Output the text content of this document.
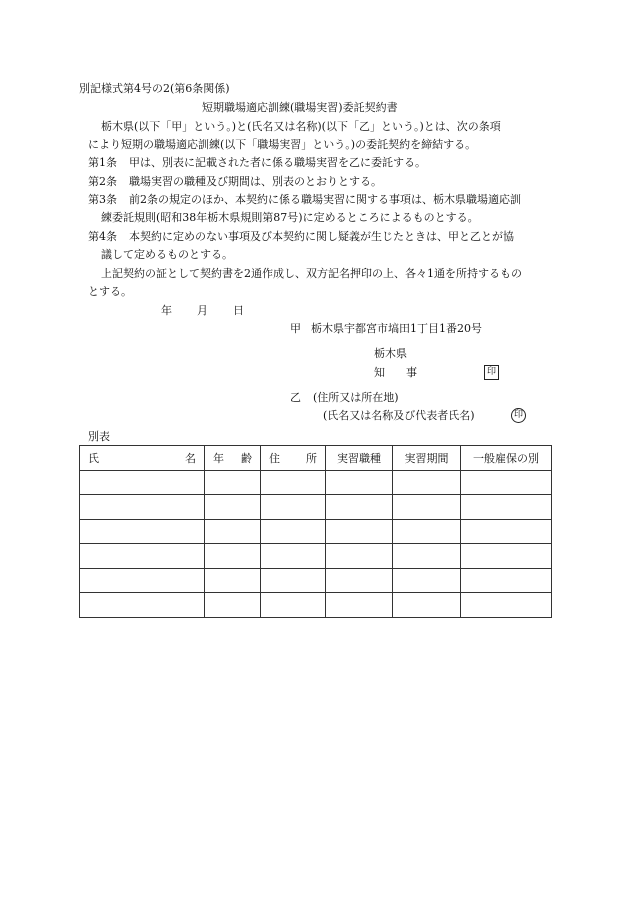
別記様式第4号の2(第6条関係)
短期職場適応訓練(職場実習)委託契約書
栃木県(以下「甲」という。)と(氏名又は名称)(以下「乙」という。)とは、次の条項
により短期の職場適応訓練(以下「職場実習」という。)の委託契約を締結する。
第1条 甲は、別表に記載された者に係る職場実習を乙に委託する。
第2条 職場実習の職種及び期間は、別表のとおりとする。
第3条 前2条の規定のほか、本契約に係る職場実習に関する事項は、栃木県職場適応訓
練委託規則(昭和38年栃木県規則第87号)に定めるところによるものとする。
第4条 本契約に定めのない事項及び本契約に関し疑義が生じたときは、甲と乙とが協
議して定めるものとする。
上記契約の証として契約書を2通作成し、双方記名押印の上、各々1通を所持するもの
とする。
年 月 日
甲 栃木県宇都宮市塙田1丁目1番20号
栃木県
知 事	印
乙 (住所又は所在地)
(氏名又は名称及び代表者氏名)	印
別表
氏 名	年 齢	住 所	実習職種	実習期間	一般雇保の別
